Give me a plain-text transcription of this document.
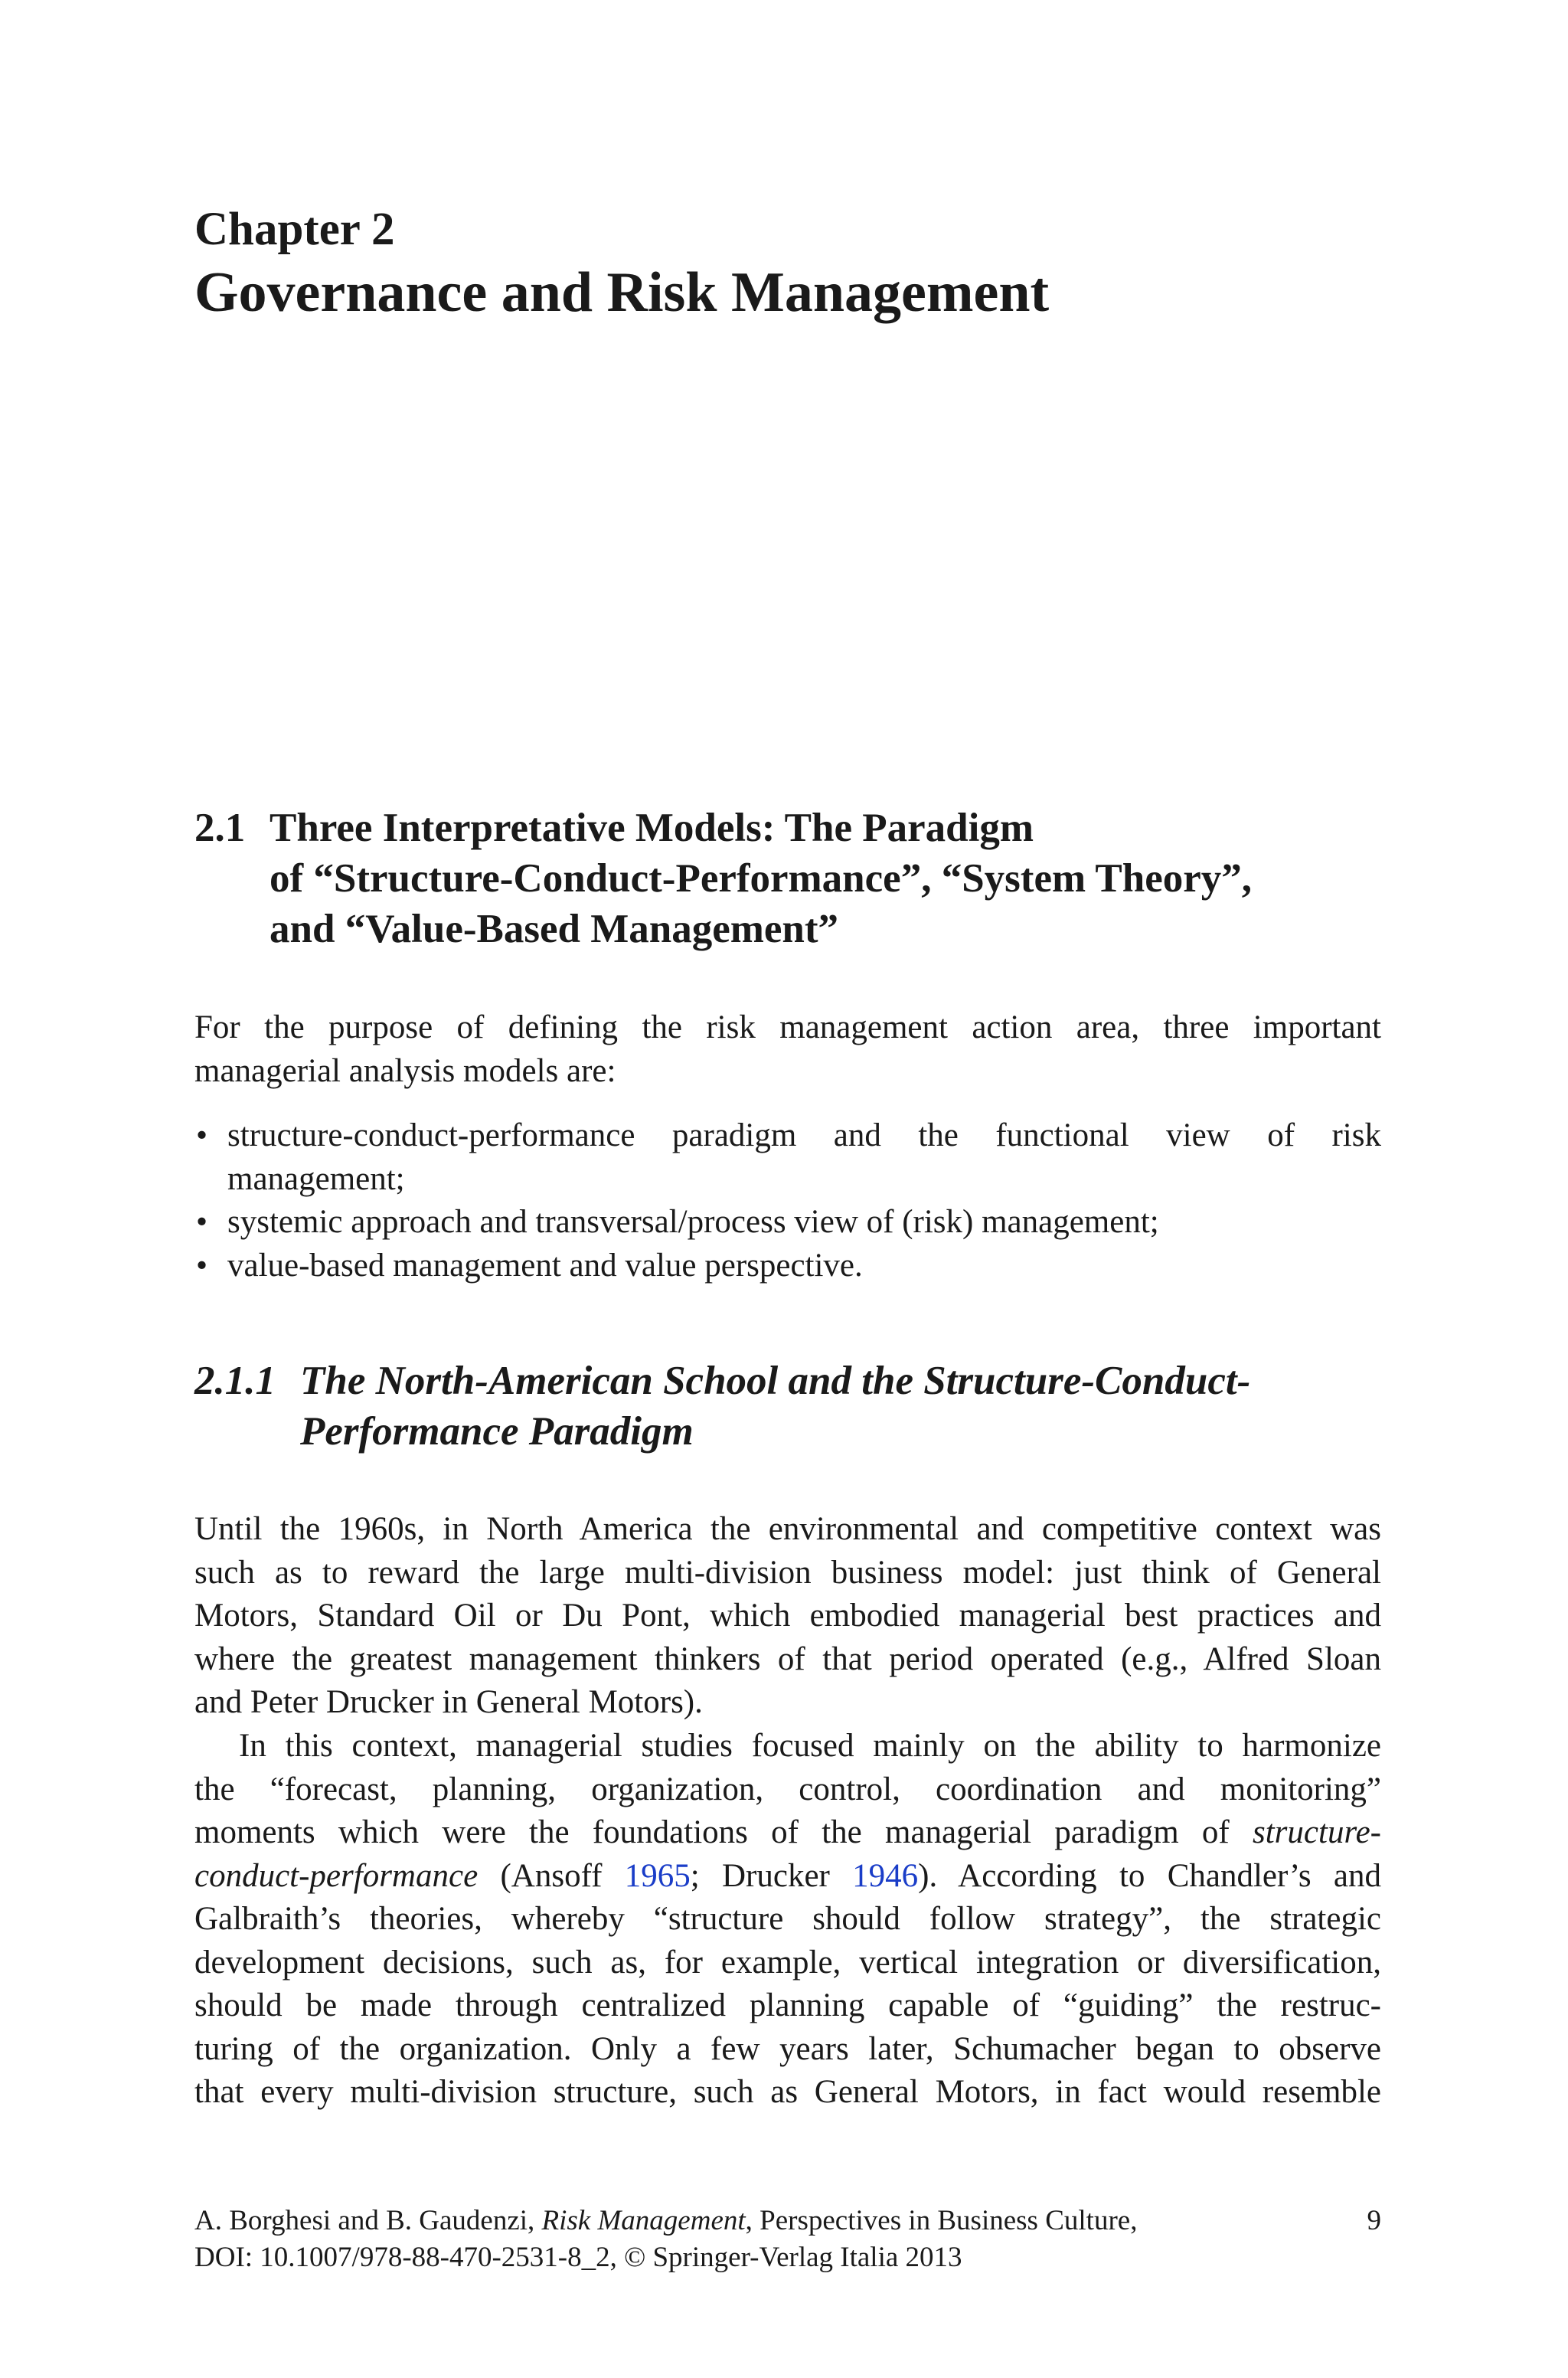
Chapter 2
Governance and Risk Management
2.1 Three Interpretative Models: The Paradigm
of “Structure-Conduct-Performance”, “System Theory”,
and “Value-Based Management”
For the purpose of defining the risk management action area, three important
managerial analysis models are:
• structure-conduct-performance paradigm and the functional view of risk
management;
• systemic approach and transversal/process view of (risk) management;
• value-based management and value perspective.
2.1.1 The North-American School and the Structure-Conduct-
Performance Paradigm
Until the 1960s, in North America the environmental and competitive context was
such as to reward the large multi-division business model: just think of General
Motors, Standard Oil or Du Pont, which embodied managerial best practices and
where the greatest management thinkers of that period operated (e.g., Alfred Sloan
and Peter Drucker in General Motors).
In this context, managerial studies focused mainly on the ability to harmonize
the “forecast, planning, organization, control, coordination and monitoring”
moments which were the foundations of the managerial paradigm of structure-
conduct-performance (Ansoff 1965; Drucker 1946). According to Chandler’s and
Galbraith’s theories, whereby “structure should follow strategy”, the strategic
development decisions, such as, for example, vertical integration or diversification,
should be made through centralized planning capable of “guiding” the restruc-
turing of the organization. Only a few years later, Schumacher began to observe
that every multi-division structure, such as General Motors, in fact would resemble
A. Borghesi and B. Gaudenzi, Risk Management, Perspectives in Business Culture,
DOI: 10.1007/978-88-470-2531-8_2, © Springer-Verlag Italia 2013
9
